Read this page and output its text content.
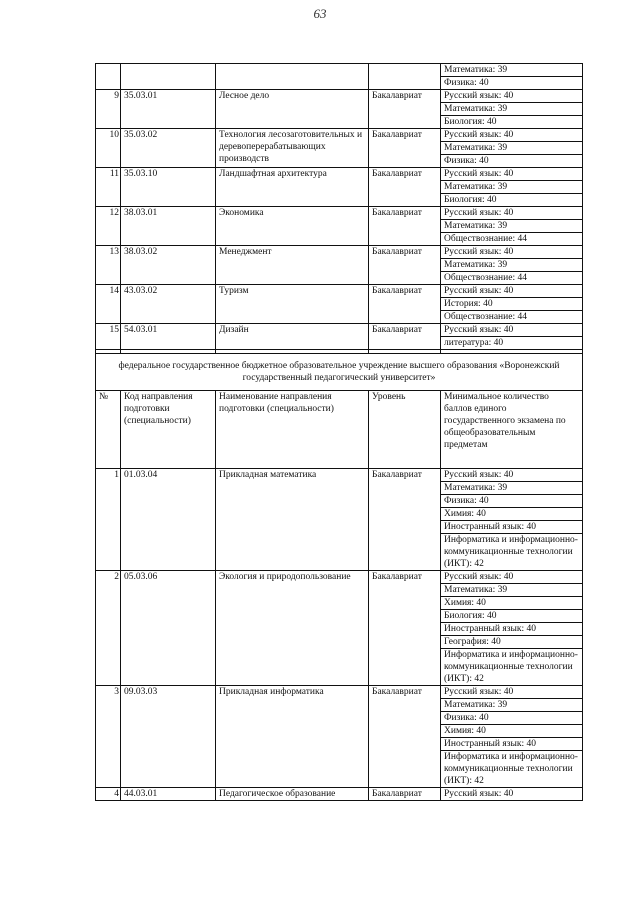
63
				Математика: 39
				Физика: 40
9	35.03.01	Лесное дело	Бакалавриат	Русский язык: 40
				Математика: 39
				Биология: 40
10	35.03.02	Технология лесозаготовительных и деревоперерабатывающих производств	Бакалавриат	Русский язык: 40
				Математика: 39
				Физика: 40
11	35.03.10	Ландшафтная архитектура	Бакалавриат	Русский язык: 40
				Математика: 39
				Биология: 40
12	38.03.01	Экономика	Бакалавриат	Русский язык: 40
				Математика: 39
				Обществознание: 44
13	38.03.02	Менеджмент	Бакалавриат	Русский язык: 40
				Математика: 39
				Обществознание: 44
14	43.03.02	Туризм	Бакалавриат	Русский язык: 40
				История: 40
				Обществознание: 44
15	54.03.01	Дизайн	Бакалавриат	Русский язык: 40
				литература: 40

федеральное государственное бюджетное образовательное учреждение высшего образования «Воронежский государственный педагогический университет»				
№	Код направления подготовки (специальности)	Наименование направления подготовки (специальности)	Уровень	Минимальное количество баллов единого государственного экзамена по общеобразовательным предметам
1	01.03.04	Прикладная математика	Бакалавриат	Русский язык: 40
				Математика: 39
				Физика: 40
				Химия: 40
				Иностранный язык: 40
				Информатика и информационно-коммуникационные технологии (ИКТ): 42
2	05.03.06	Экология и природопользование	Бакалавриат	Русский язык: 40
				Математика: 39
				Химия: 40
				Биология: 40
				Иностранный язык: 40
				География: 40
				Информатика и информационно-коммуникационные технологии (ИКТ): 42
3	09.03.03	Прикладная информатика	Бакалавриат	Русский язык: 40
				Математика: 39
				Физика: 40
				Химия: 40
				Иностранный язык: 40
				Информатика и информационно-коммуникационные технологии (ИКТ): 42
4	44.03.01	Педагогическое образование	Бакалавриат	Русский язык: 40
